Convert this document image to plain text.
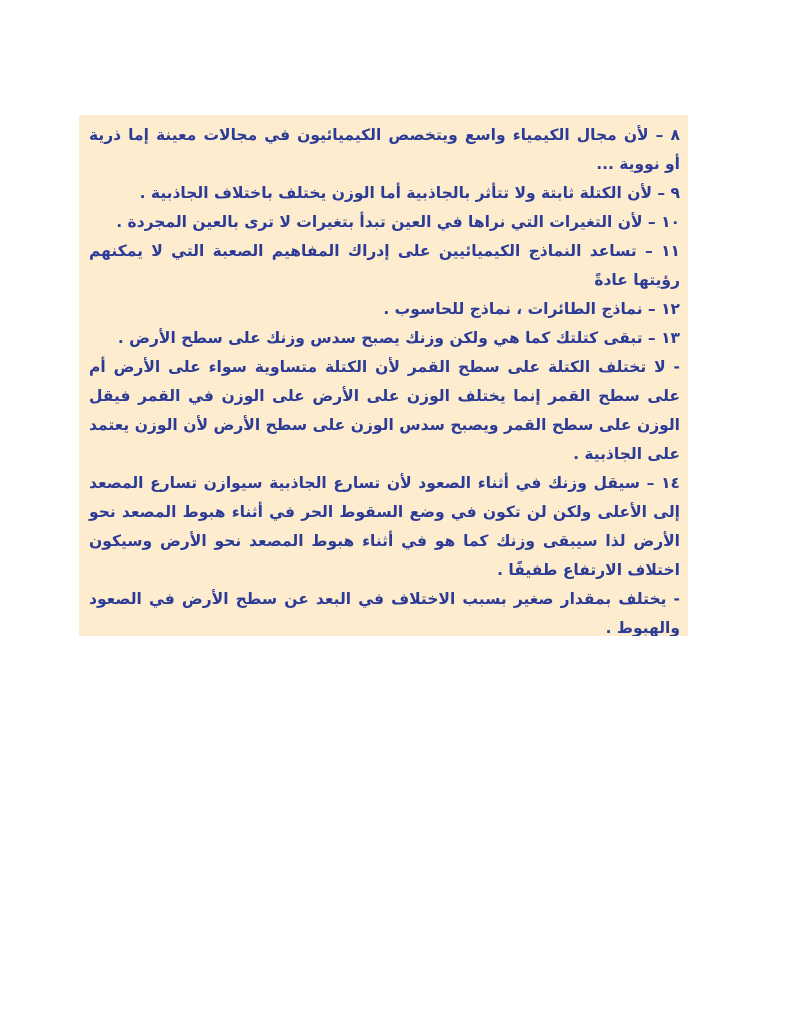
٨ – لأن مجال الكيمياء واسع ويتخصص الكيميائيون في مجالات معينة إما ذرية أو نووية ...

٩ – لأن الكتلة ثابتة ولا تتأثر بالجاذبية أما الوزن يختلف باختلاف الجاذبية .

١٠ – لأن التغيرات التي نراها في العين تبدأ بتغيرات لا ترى بالعين المجردة .

١١ – تساعد النماذج الكيميائيين على إدراك المفاهيم الصعبة التي لا يمكنهم رؤيتها عادةً

١٢ – نماذج الطائرات ، نماذج للحاسوب .

١٣ – تبقى كتلتك كما هي ولكن وزنك يصبح سدس وزنك على سطح الأرض .

- لا تختلف الكتلة على سطح القمر لأن الكتلة متساوية سواء على الأرض أم على سطح القمر إنما يختلف الوزن على الأرض على الوزن في القمر فيقل الوزن على سطح القمر ويصبح سدس الوزن على سطح الأرض لأن الوزن يعتمد على الجاذبية .

١٤ – سيقل وزنك في أثناء الصعود لأن تسارع الجاذبية سيوازن تسارع المصعد إلى الأعلى ولكن لن تكون في وضع السقوط الحر في أثناء هبوط المصعد نحو الأرض لذا سيبقى وزنك كما هو في أثناء هبوط المصعد نحو الأرض وسيكون اختلاف الارتفاع طفيفًا .

- يختلف بمقدار صغير بسبب الاختلاف في البعد عن سطح الأرض في الصعود والهبوط .
